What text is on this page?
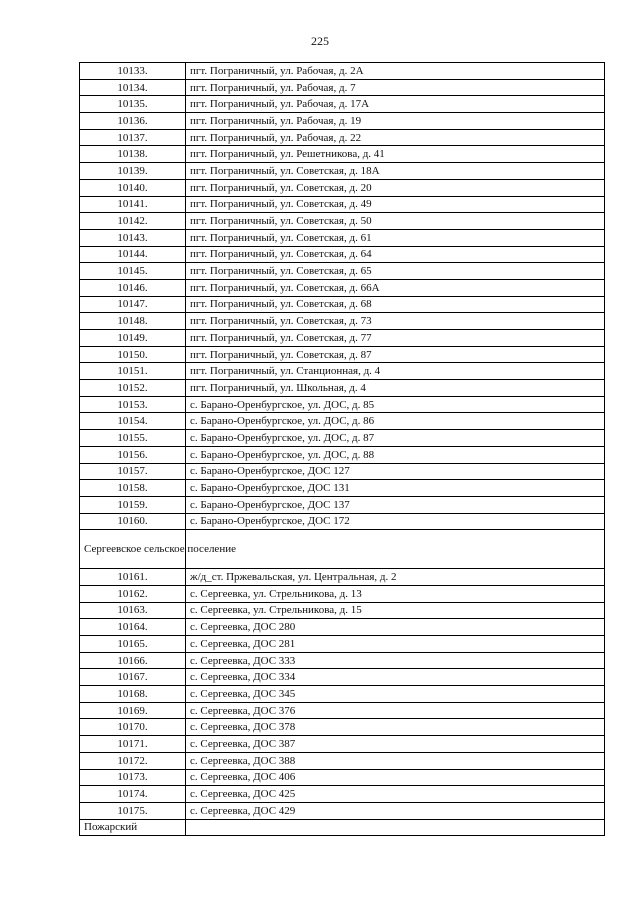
225
10133.	пгт. Пограничный, ул. Рабочая, д. 2А
10134.	пгт. Пограничный, ул. Рабочая, д. 7
10135.	пгт. Пограничный, ул. Рабочая, д. 17А
10136.	пгт. Пограничный, ул. Рабочая, д. 19
10137.	пгт. Пограничный, ул. Рабочая, д. 22
10138.	пгт. Пограничный, ул. Решетникова, д. 41
10139.	пгт. Пограничный, ул. Советская, д. 18А
10140.	пгт. Пограничный, ул. Советская, д. 20
10141.	пгт. Пограничный, ул. Советская, д. 49
10142.	пгт. Пограничный, ул. Советская, д. 50
10143.	пгт. Пограничный, ул. Советская, д. 61
10144.	пгт. Пограничный, ул. Советская, д. 64
10145.	пгт. Пограничный, ул. Советская, д. 65
10146.	пгт. Пограничный, ул. Советская, д. 66А
10147.	пгт. Пограничный, ул. Советская, д. 68
10148.	пгт. Пограничный, ул. Советская, д. 73
10149.	пгт. Пограничный, ул. Советская, д. 77
10150.	пгт. Пограничный, ул. Советская, д. 87
10151.	пгт. Пограничный, ул. Станционная, д. 4
10152.	пгт. Пограничный, ул. Школьная, д. 4
10153.	с. Барано-Оренбургское, ул. ДОС, д. 85
10154.	с. Барано-Оренбургское, ул. ДОС, д. 86
10155.	с. Барано-Оренбургское, ул. ДОС, д. 87
10156.	с. Барано-Оренбургское, ул. ДОС, д. 88
10157.	с. Барано-Оренбургское, ДОС 127
10158.	с. Барано-Оренбургское, ДОС 131
10159.	с. Барано-Оренбургское, ДОС 137
10160.	с. Барано-Оренбургское, ДОС 172
Сергеевское сельское поселение	
10161.	ж/д_ст. Пржевальская, ул. Центральная, д. 2
10162.	с. Сергеевка, ул. Стрельникова, д. 13
10163.	с. Сергеевка, ул. Стрельникова, д. 15
10164.	с. Сергеевка, ДОС 280
10165.	с. Сергеевка, ДОС 281
10166.	с. Сергеевка, ДОС 333
10167.	с. Сергеевка, ДОС 334
10168.	с. Сергеевка, ДОС 345
10169.	с. Сергеевка, ДОС 376
10170.	с. Сергеевка, ДОС 378
10171.	с. Сергеевка, ДОС 387
10172.	с. Сергеевка, ДОС 388
10173.	с. Сергеевка, ДОС 406
10174.	с. Сергеевка, ДОС 425
10175.	с. Сергеевка, ДОС 429
Пожарский	
